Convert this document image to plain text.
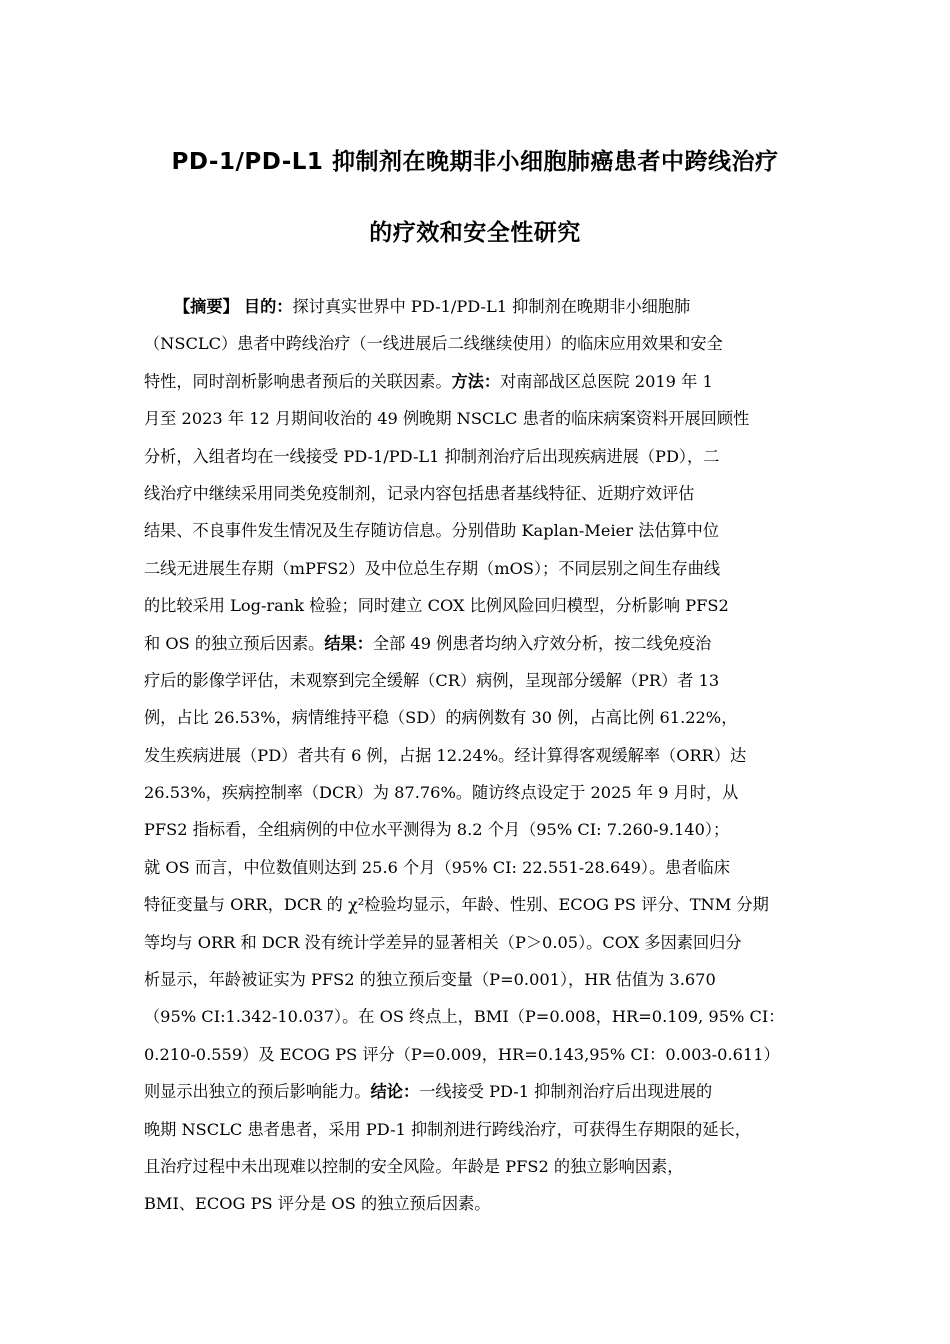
PD-1/PD-L1 抑制剂在晚期非小细胞肺癌患者中跨线治疗
的疗效和安全性研究
【摘要】 目的：探讨真实世界中 PD-1/PD-L1 抑制剂在晚期非小细胞肺
（NSCLC）患者中跨线治疗（一线进展后二线继续使用）的临床应用效果和安全
特性，同时剖析影响患者预后的关联因素。方法：对南部战区总医院 2019 年 1
月至 2023 年 12 月期间收治的 49 例晚期 NSCLC 患者的临床病案资料开展回顾性
分析，入组者均在一线接受 PD-1/PD-L1 抑制剂治疗后出现疾病进展（PD），二
线治疗中继续采用同类免疫制剂，记录内容包括患者基线特征、近期疗效评估
结果、不良事件发生情况及生存随访信息。分别借助 Kaplan-Meier 法估算中位
二线无进展生存期（mPFS2）及中位总生存期（mOS）；不同层别之间生存曲线
的比较采用 Log-rank 检验；同时建立 COX 比例风险回归模型，分析影响 PFS2
和 OS 的独立预后因素。结果：全部 49 例患者均纳入疗效分析，按二线免疫治
疗后的影像学评估，未观察到完全缓解（CR）病例，呈现部分缓解（PR）者 13
例，占比 26.53%，病情维持平稳（SD）的病例数有 30 例，占高比例 61.22%，
发生疾病进展（PD）者共有 6 例，占据 12.24%。经计算得客观缓解率（ORR）达
26.53%，疾病控制率（DCR）为 87.76%。随访终点设定于 2025 年 9 月时，从
PFS2 指标看，全组病例的中位水平测得为 8.2 个月（95% CI: 7.260-9.140）；
就 OS 而言，中位数值则达到 25.6 个月（95% CI: 22.551-28.649）。患者临床
特征变量与 ORR，DCR 的 χ²检验均显示，年龄、性别、ECOG PS 评分、TNM 分期
等均与 ORR 和 DCR 没有统计学差异的显著相关（P＞0.05）。COX 多因素回归分
析显示，年龄被证实为 PFS2 的独立预后变量（P=0.001），HR 估值为 3.670
（95% CI:1.342-10.037）。在 OS 终点上，BMI（P=0.008，HR=0.109, 95% CI：
0.210-0.559）及 ECOG PS 评分（P=0.009，HR=0.143,95% CI：0.003-0.611）
则显示出独立的预后影响能力。结论：一线接受 PD-1 抑制剂治疗后出现进展的
晚期 NSCLC 患者患者，采用 PD-1 抑制剂进行跨线治疗，可获得生存期限的延长，
且治疗过程中未出现难以控制的安全风险。年龄是 PFS2 的独立影响因素，
BMI、ECOG PS 评分是 OS 的独立预后因素。
